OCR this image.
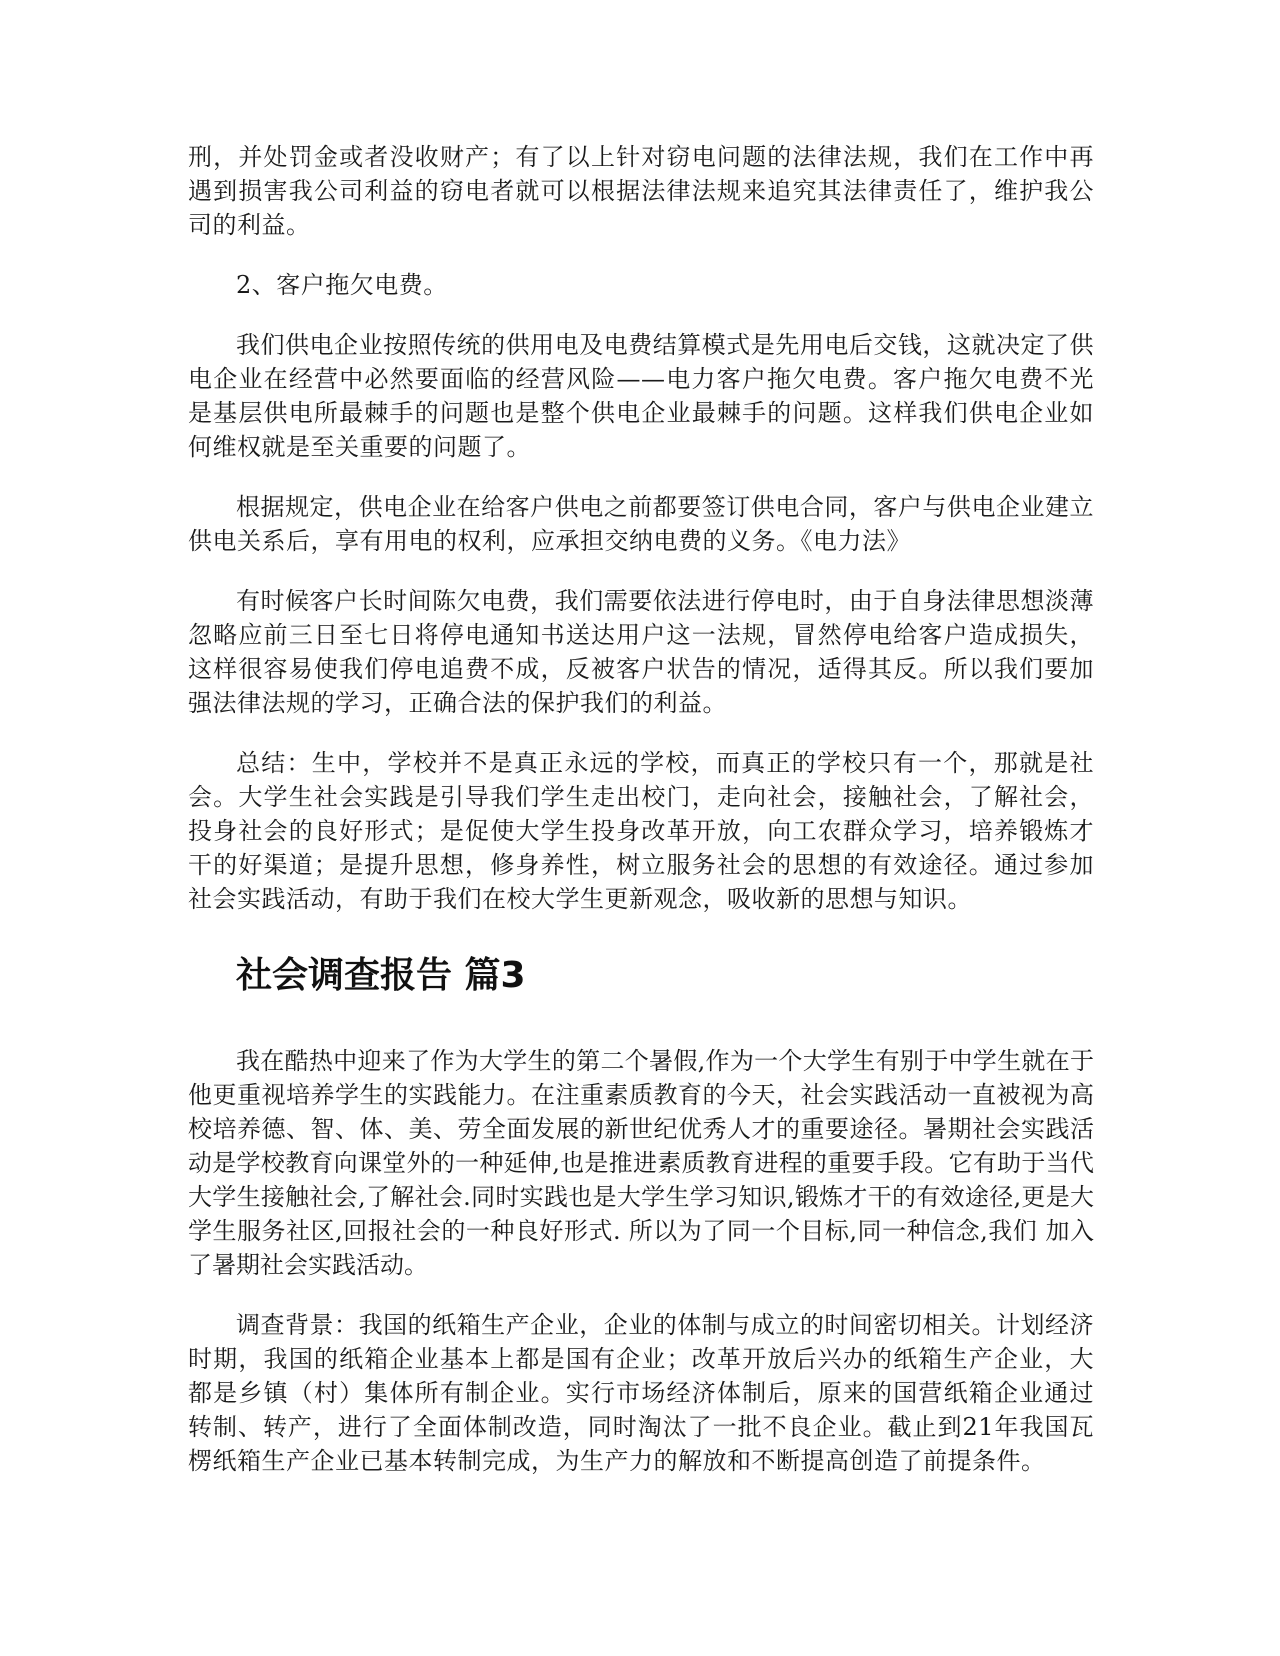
刑，并处罚金或者没收财产；有了以上针对窃电问题的法律法规，我们在工作中再遇到损害我公司利益的窃电者就可以根据法律法规来追究其法律责任了，维护我公司的利益。

2、客户拖欠电费。

我们供电企业按照传统的供用电及电费结算模式是先用电后交钱，这就决定了供电企业在经营中必然要面临的经营风险——电力客户拖欠电费。客户拖欠电费不光是基层供电所最棘手的问题也是整个供电企业最棘手的问题。这样我们供电企业如何维权就是至关重要的问题了。

根据规定，供电企业在给客户供电之前都要签订供电合同，客户与供电企业建立供电关系后，享有用电的权利，应承担交纳电费的义务。《电力法》

有时候客户长时间陈欠电费，我们需要依法进行停电时，由于自身法律思想淡薄忽略应前三日至七日将停电通知书送达用户这一法规，冒然停电给客户造成损失，这样很容易使我们停电追费不成，反被客户状告的情况，适得其反。所以我们要加强法律法规的学习，正确合法的保护我们的利益。

总结：生中，学校并不是真正永远的学校，而真正的学校只有一个，那就是社会。大学生社会实践是引导我们学生走出校门，走向社会，接触社会，了解社会，投身社会的良好形式；是促使大学生投身改革开放，向工农群众学习，培养锻炼才干的好渠道；是提升思想，修身养性，树立服务社会的思想的有效途径。通过参加社会实践活动，有助于我们在校大学生更新观念，吸收新的思想与知识。

社会调查报告 篇3

我在酷热中迎来了作为大学生的第二个暑假,作为一个大学生有别于中学生就在于他更重视培养学生的实践能力。在注重素质教育的今天，社会实践活动一直被视为高校培养德、智、体、美、劳全面发展的新世纪优秀人才的重要途径。暑期社会实践活动是学校教育向课堂外的一种延伸,也是推进素质教育进程的重要手段。它有助于当代大学生接触社会,了解社会.同时实践也是大学生学习知识,锻炼才干的有效途径,更是大学生服务社区,回报社会的一种良好形式. 所以为了同一个目标,同一种信念,我们 加入了暑期社会实践活动。

调查背景：我国的纸箱生产企业，企业的体制与成立的时间密切相关。计划经济时期，我国的纸箱企业基本上都是国有企业；改革开放后兴办的纸箱生产企业，大都是乡镇（村）集体所有制企业。实行市场经济体制后，原来的国营纸箱企业通过转制、转产，进行了全面体制改造，同时淘汰了一批不良企业。截止到21年我国瓦楞纸箱生产企业已基本转制完成，为生产力的解放和不断提高创造了前提条件。
